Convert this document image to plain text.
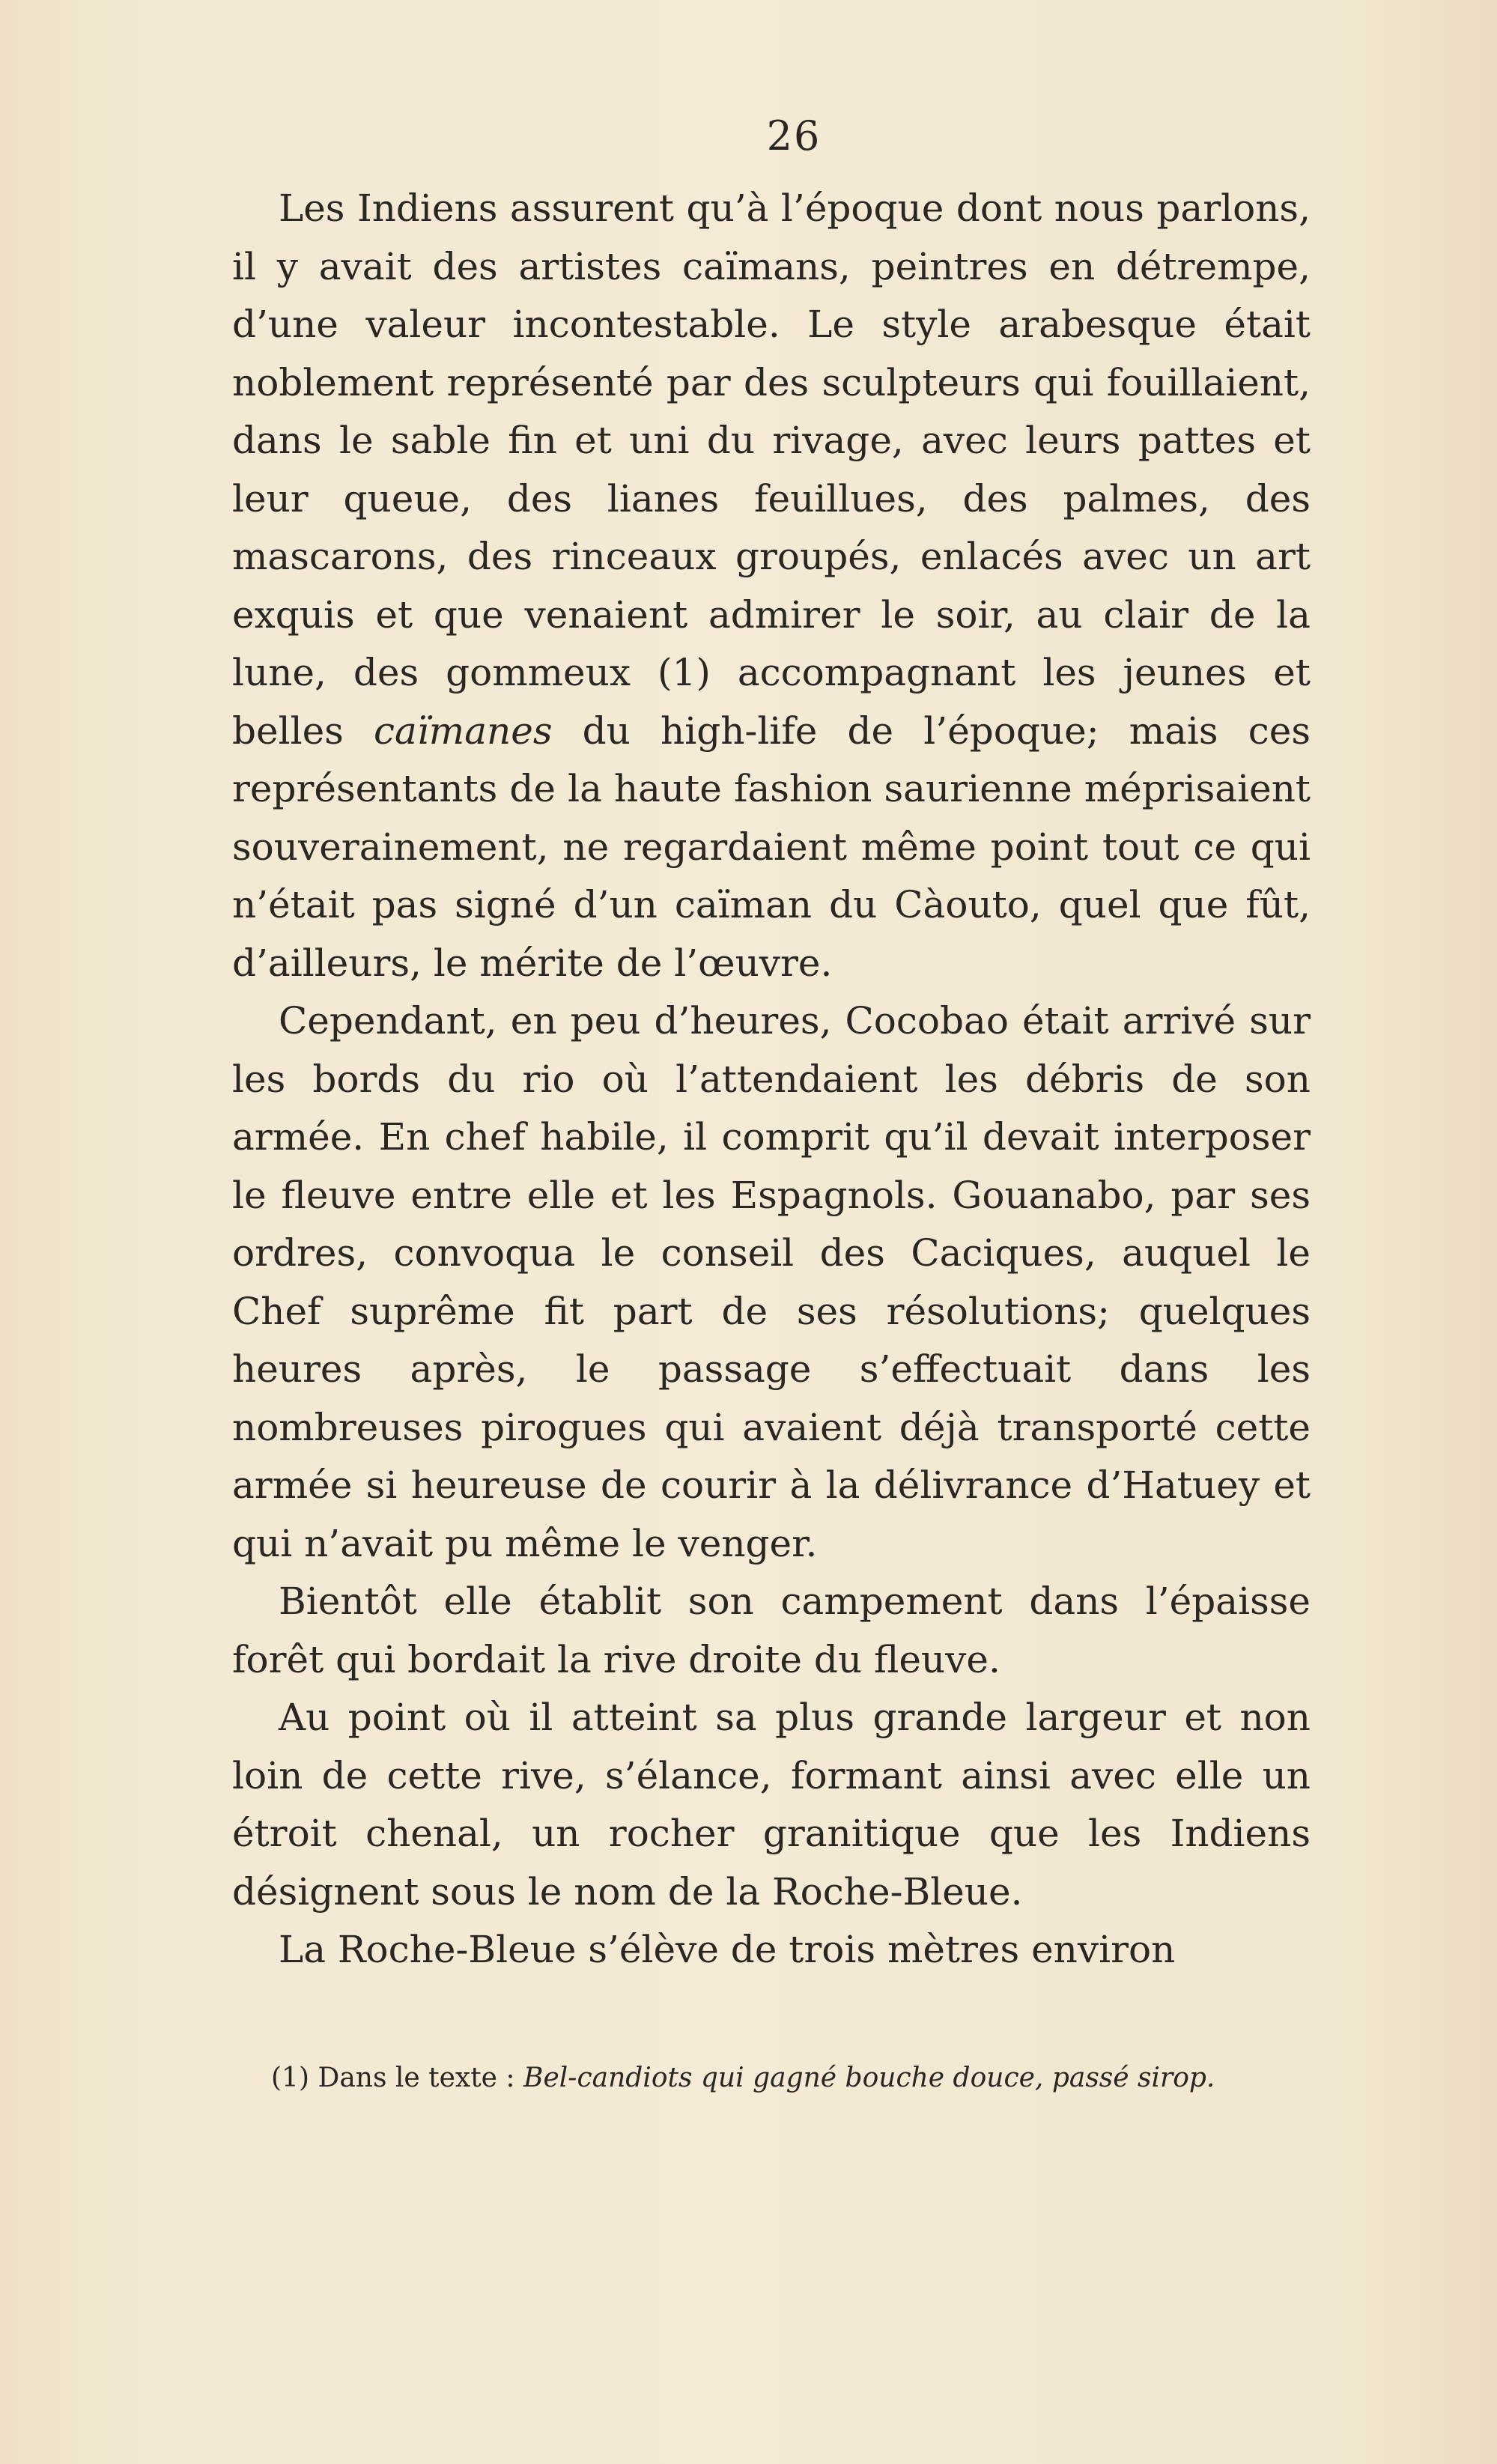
26

Les Indiens assurent qu’à l’époque dont nous parlons, il y avait des artistes caïmans, peintres en détrempe, d’une valeur incontestable. Le style arabesque était noblement représenté par des sculpteurs qui fouillaient, dans le sable fin et uni du rivage, avec leurs pattes et leur queue, des lianes feuillues, des palmes, des mascarons, des rinceaux groupés, enlacés avec un art exquis et que venaient admirer le soir, au clair de la lune, des gommeux (1) accompagnant les jeunes et belles caïmanes du high-life de l’époque; mais ces représentants de la haute fashion saurienne méprisaient souverainement, ne regardaient même point tout ce qui n’était pas signé d’un caïman du Càouto, quel que fût, d’ailleurs, le mérite de l’œuvre.

Cependant, en peu d’heures, Cocobao était arrivé sur les bords du rio où l’attendaient les débris de son armée. En chef habile, il comprit qu’il devait interposer le fleuve entre elle et les Espagnols. Gouanabo, par ses ordres, convoqua le conseil des Caciques, auquel le Chef suprême fit part de ses résolutions; quelques heures après, le passage s’effectuait dans les nombreuses pirogues qui avaient déjà transporté cette armée si heureuse de courir à la délivrance d’Hatuey et qui n’avait pu même le venger.

Bientôt elle établit son campement dans l’épaisse forêt qui bordait la rive droite du fleuve.

Au point où il atteint sa plus grande largeur et non loin de cette rive, s’élance, formant ainsi avec elle un étroit chenal, un rocher granitique que les Indiens désignent sous le nom de la Roche-Bleue.

La Roche-Bleue s’élève de trois mètres environ

(1) Dans le texte : Bel-candiots qui gagné bouche douce, passé sirop.
